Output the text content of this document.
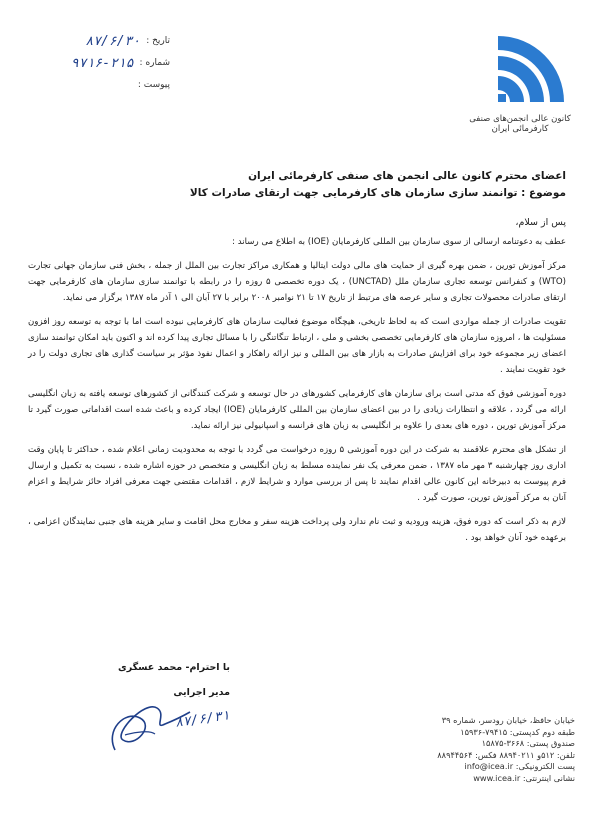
کانون عالی انجمن‌های صنفی کارفرمائی ایران
تاریخ :
۸۷/۶/۳۰
شماره :
۹۷۱۶-۲۱۵
پیوست :
اعضای محترم کانون عالی انجمن های صنفی کارفرمائی ایران
موضوع : توانمند سازی سازمان های کارفرمایی جهت ارتقای صادرات کالا
پس از سلام،

عطف به دعوتنامه ارسالی از سوی سازمان بین المللی کارفرمایان (IOE) به اطلاع می رساند :

مرکز آموزش تورین ، ضمن بهره گیری از حمایت های مالی دولت ایتالیا و همکاری مراکز تجارت بین الملل از جمله ، بخش فنی سازمان جهانی تجارت (WTO) و کنفرانس توسعه تجاری سازمان ملل (UNCTAD) ، یک دوره تخصصی ۵ روزه را در رابطه با توانمند سازی سازمان های کارفرمایی جهت ارتقای صادرات محصولات تجاری و سایر عرصه های مرتبط از تاریخ ۱۷ تا ۲۱ نوامبر ۲۰۰۸ برابر با ۲۷ آبان الی ۱ آذر ماه ۱۳۸۷ برگزار می نماید.

تقویت صادرات از جمله مواردی است که به لحاظ تاریخی، هیچگاه موضوع فعالیت سازمان های کارفرمایی نبوده است اما با توجه به توسعه روز افزون مسئولیت ها ، امروزه سازمان های کارفرمایی تخصصی بخشی و ملی ، ارتباط تنگاتنگی را با مسائل تجاری پیدا کرده اند و اکنون باید امکان توانمند سازی اعضای زیر مجموعه خود برای افزایش صادرات به بازار های بین المللی و نیز ارائه راهکار و اعمال نفوذ مؤثر بر سیاست گذاری های تجاری دولت را در خود تقویت نمایند .

دوره آموزشی فوق که مدتی است برای سازمان های کارفرمایی کشورهای در حال توسعه و شرکت کنندگانی از کشورهای توسعه یافته به زبان انگلیسی ارائه می گردد ، علاقه و انتظارات زیادی را در بین اعضای سازمان بین المللی کارفرمایان (IOE) ایجاد کرده و باعث شده است اقداماتی صورت گیرد تا مرکز آموزش تورین ، دوره های بعدی را علاوه بر انگلیسی به زبان های فرانسه و اسپانیولی نیز ارائه نماید.

از تشکل های محترم علاقمند به شرکت در این دوره آموزشی ۵ روزه درخواست می گردد با توجه به محدودیت زمانی اعلام شده ، حداکثر تا پایان وقت اداری روز چهارشنبه ۳ مهر ماه ۱۳۸۷ ، ضمن معرفی یک نفر نماینده مسلط به زبان انگلیسی و متخصص در حوزه اشاره شده ، نسبت به تکمیل و ارسال فرم پیوست به دبیرخانه این کانون عالی اقدام نمایند تا پس از بررسی موارد و شرایط لازم ، اقدامات مقتضی جهت معرفی افراد حائز شرایط و اعزام آنان به مرکز آموزش تورین، صورت گیرد .

لازم به ذکر است که دوره فوق، هزینه ورودیه و ثبت نام ندارد ولی پرداخت هزینه سفر و مخارج محل اقامت و سایر هزینه های جنبی نمایندگان اعزامی ، برعهده خود آنان خواهد بود .

با احترام- محمد عسگری
مدیر اجرایی
۸۷/۶/۳۱	خیابان حافظ، خیابان رودسر، شماره ۳۹
طبقه دوم کدپستی: ۷۹۴۱۵-۱۵۹۳۶
صندوق پستی: ۳۶۶۸-۱۵۸۷۵
تلفن: ۵۱۲و ۸۸۹۴۰۲۱۱ فکس: ۸۸۹۴۴۵۶۴
پست الکترونیکی: info@icea.ir
نشانی اینترنتی: www.icea.ir
